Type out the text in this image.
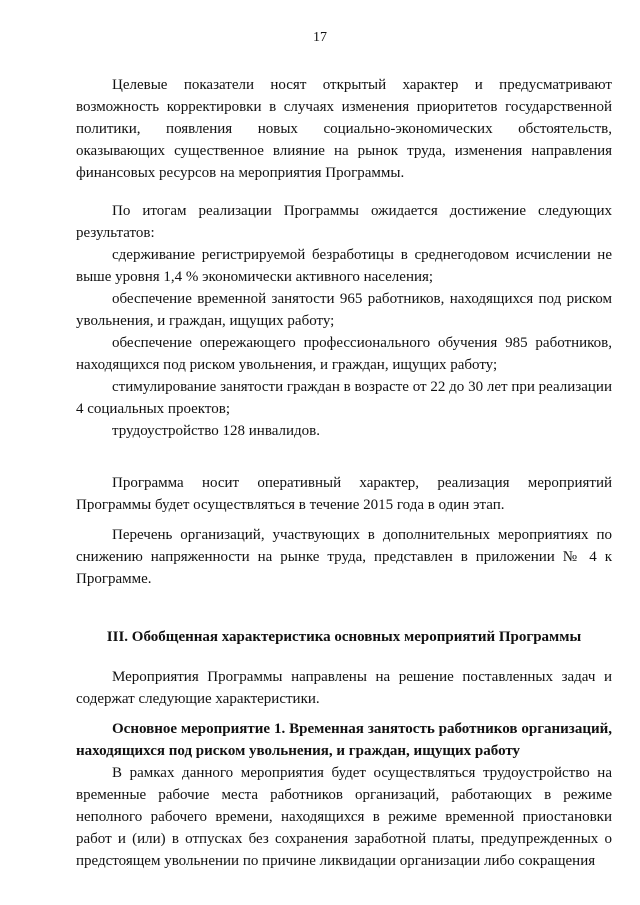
17

Целевые показатели носят открытый характер и предусматривают возможность корректировки в случаях изменения приоритетов государственной политики, появления новых социально-экономических обстоятельств, оказывающих существенное влияние на рынок труда, изменения направления финансовых ресурсов на мероприятия Программы.

По итогам реализации Программы ожидается достижение следующих результатов:

сдерживание регистрируемой безработицы в среднегодовом исчислении не выше уровня 1,4 % экономически активного населения;

обеспечение временной занятости 965 работников, находящихся под риском увольнения, и граждан, ищущих работу;

обеспечение опережающего профессионального обучения 985 работников, находящихся под риском увольнения, и граждан, ищущих работу;

стимулирование занятости граждан в возрасте от 22 до 30 лет при реализации 4 социальных проектов;

трудоустройство 128 инвалидов.

Программа носит оперативный характер, реализация мероприятий Программы будет осуществляться в течение 2015 года в один этап.

Перечень организаций, участвующих в дополнительных мероприятиях по снижению напряженности на рынке труда, представлен в приложении № 4 к Программе.

III. Обобщенная характеристика основных мероприятий Программы

Мероприятия Программы направлены на решение поставленных задач и содержат следующие характеристики.

Основное мероприятие 1. Временная занятость работников организаций, находящихся под риском увольнения, и граждан, ищущих работу

В рамках данного мероприятия будет осуществляться трудоустройство на временные рабочие места работников организаций, работающих в режиме неполного рабочего времени, находящихся в режиме временной приостановки работ и (или) в отпусках без сохранения заработной платы, предупрежденных о предстоящем увольнении по причине ликвидации организации либо сокращения
